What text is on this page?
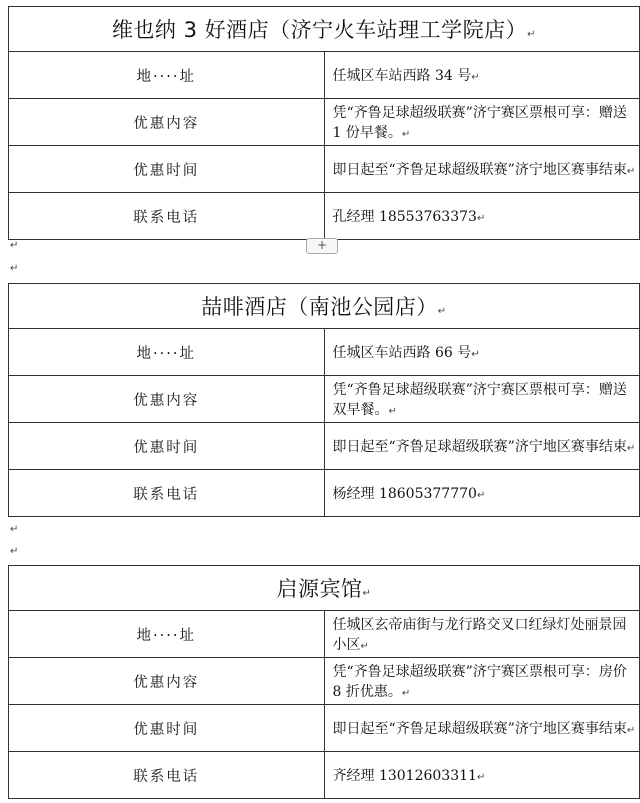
维也纳 3 好酒店（济宁火车站理工学院店）↵	
地····址	任城区车站西路 34 号↵
优惠内容	凭“齐鲁足球超级联赛”济宁赛区票根可享：赠送 1 份早餐。↵
优惠时间	即日起至“齐鲁足球超级联赛”济宁地区赛事结束↵
联系电话	孔经理 18553763373↵
+
↵
↵
喆啡酒店（南池公园店）↵	
地····址	任城区车站西路 66 号↵
优惠内容	凭“齐鲁足球超级联赛”济宁赛区票根可享：赠送双早餐。↵
优惠时间	即日起至“齐鲁足球超级联赛”济宁地区赛事结束↵
联系电话	杨经理 18605377770↵
↵
↵
启源宾馆↵	
地····址	任城区玄帝庙街与龙行路交叉口红绿灯处丽景园小区↵
优惠内容	凭“齐鲁足球超级联赛”济宁赛区票根可享：房价 8 折优惠。↵
优惠时间	即日起至“齐鲁足球超级联赛”济宁地区赛事结束↵
联系电话	齐经理 13012603311↵
